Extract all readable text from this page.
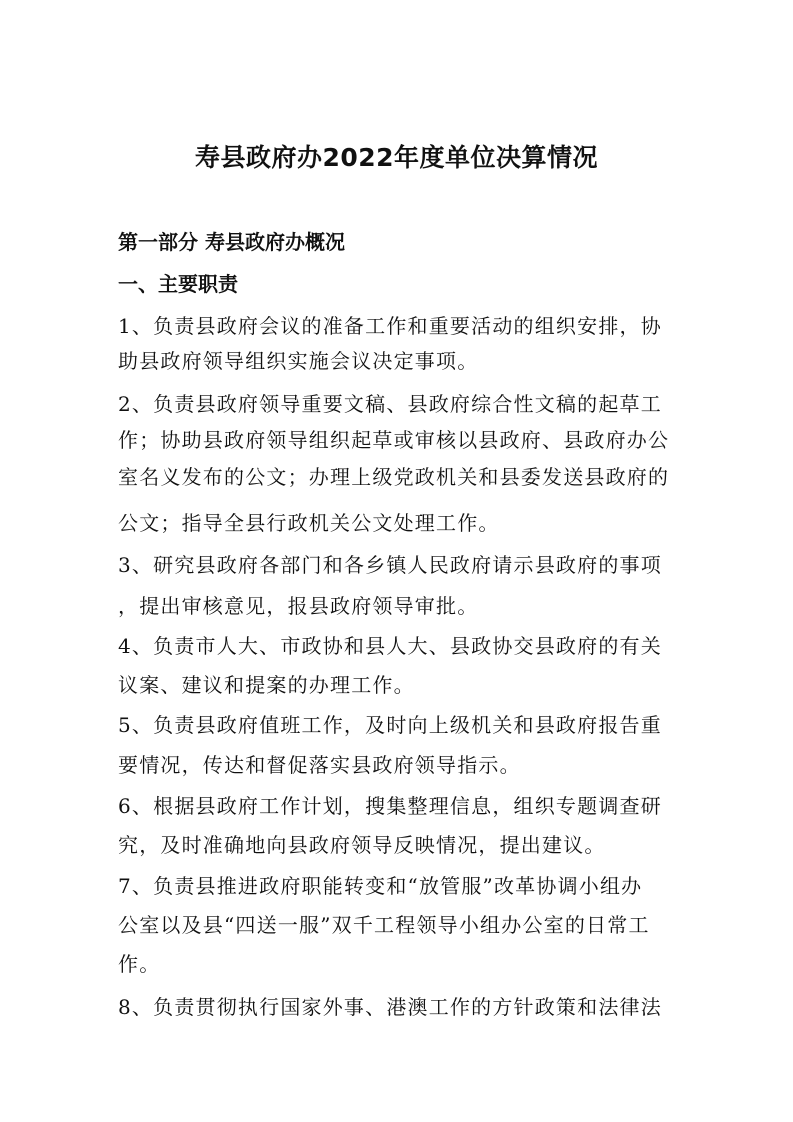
寿县政府办2022年度单位决算情况
第一部分 寿县政府办概况
一、主要职责
1、负责县政府会议的准备工作和重要活动的组织安排，协
助县政府领导组织实施会议决定事项。
2、负责县政府领导重要文稿、县政府综合性文稿的起草工
作；协助县政府领导组织起草或审核以县政府、县政府办公
室名义发布的公文；办理上级党政机关和县委发送县政府的
公文；指导全县行政机关公文处理工作。
3、研究县政府各部门和各乡镇人民政府请示县政府的事项
，提出审核意见，报县政府领导审批。
4、负责市人大、市政协和县人大、县政协交县政府的有关
议案、建议和提案的办理工作。
5、负责县政府值班工作，及时向上级机关和县政府报告重
要情况，传达和督促落实县政府领导指示。
6、根据县政府工作计划，搜集整理信息，组织专题调查研
究，及时准确地向县政府领导反映情况，提出建议。
7、负责县推进政府职能转变和“放管服”改革协调小组办
公室以及县“四送一服”双千工程领导小组办公室的日常工
作。
8、负责贯彻执行国家外事、港澳工作的方针政策和法律法
